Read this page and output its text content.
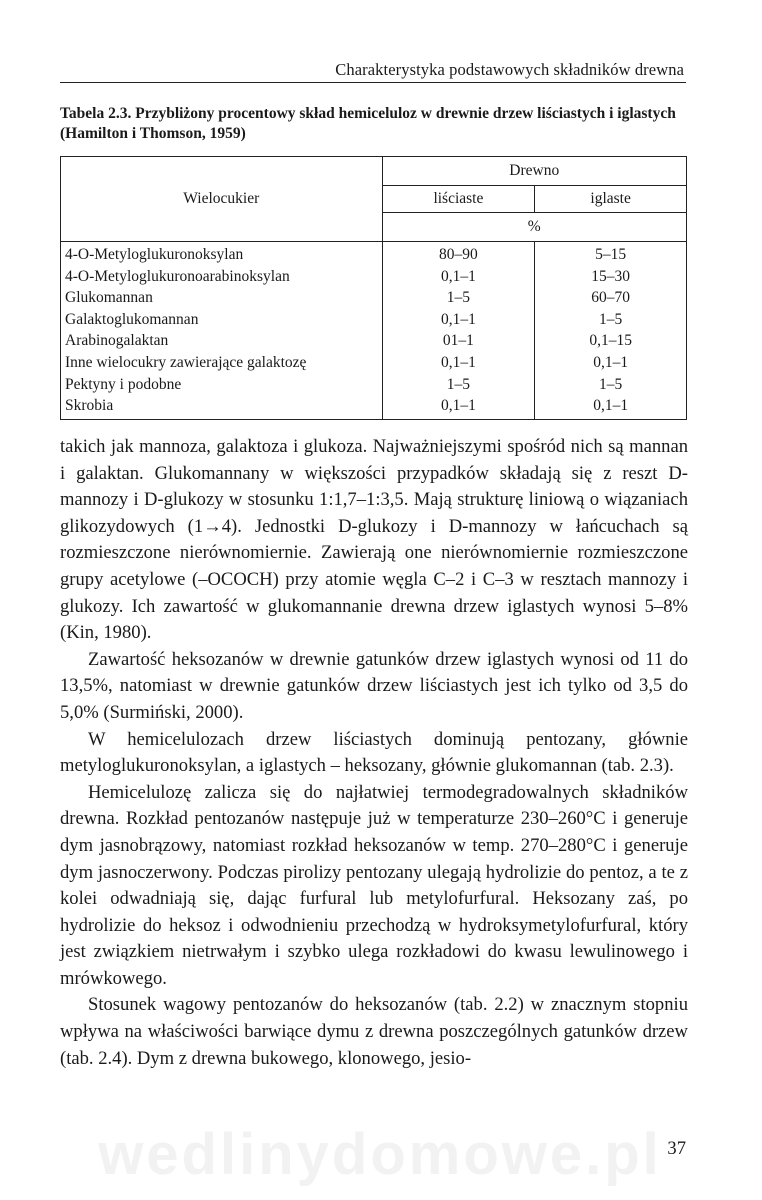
Charakterystyka podstawowych składników drewna
Tabela 2.3. Przybliżony procentowy skład hemiceluloz w drewnie drzew liściastych i iglastych (Hamilton i Thomson, 1959)
Wielocukier	Drewno	
	liściaste	iglaste
	%	
4-O-Metyloglukuronoksylan	80–90	5–15
4-O-Metyloglukuronoarabinoksylan	0,1–1	15–30
Glukomannan	1–5	60–70
Galaktoglukomannan	0,1–1	1–5
Arabinogalaktan	01–1	0,1–15
Inne wielocukry zawierające galaktozę	0,1–1	0,1–1
Pektyny i podobne	1–5	1–5
Skrobia	0,1–1	0,1–1

takich jak mannoza, galaktoza i glukoza. Najważniejszymi spośród nich są mannan i galaktan. Glukomannany w większości przypadków składają się z reszt D-mannozy i D-glukozy w stosunku 1:1,7–1:3,5. Mają strukturę liniową o wiązaniach glikozydowych (1→4). Jednostki D-glukozy i D-mannozy w łańcuchach są rozmieszczone nierównomiernie. Zawierają one nierównomiernie rozmieszczone grupy acetylowe (–OCOCH) przy atomie węgla C–2 i C–3 w resztach mannozy i glukozy. Ich zawartość w glukomannanie drewna drzew iglastych wynosi 5–8% (Kin, 1980).

Zawartość heksozanów w drewnie gatunków drzew iglastych wynosi od 11 do 13,5%, natomiast w drewnie gatunków drzew liściastych jest ich tylko od 3,5 do 5,0% (Surmiński, 2000).

W hemicelulozach drzew liściastych dominują pentozany, głównie metyloglukuronoksylan, a iglastych – heksozany, głównie glukomannan (tab. 2.3).

Hemicelulozę zalicza się do najłatwiej termodegradowalnych składników drewna. Rozkład pentozanów następuje już w temperaturze 230–260°C i generuje dym jasnobrązowy, natomiast rozkład heksozanów w temp. 270–280°C i generuje dym jasnoczerwony. Podczas pirolizy pentozany ulegają hydrolizie do pentoz, a te z kolei odwadniają się, dając furfural lub metylofurfural. Heksozany zaś, po hydrolizie do heksoz i odwodnieniu przechodzą w hydroksymetylofurfural, który jest związkiem nietrwałym i szybko ulega rozkładowi do kwasu lewulinowego i mrówkowego.

Stosunek wagowy pentozanów do heksozanów (tab. 2.2) w znacznym stopniu wpływa na właściwości barwiące dymu z drewna poszczególnych gatunków drzew (tab. 2.4). Dym z drewna bukowego, klonowego, jesio-

wedlinydomowe.pl 37
